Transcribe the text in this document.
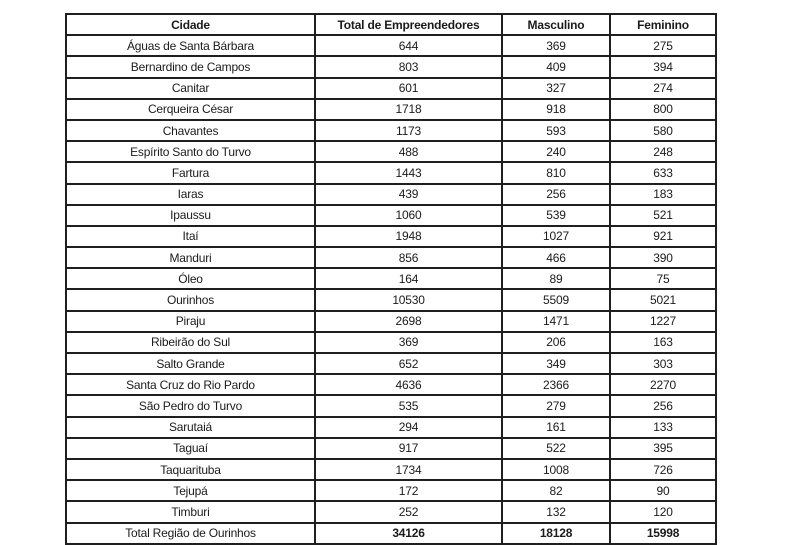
Cidade	Total de Empreendedores	Masculino	Feminino
Águas de Santa Bárbara	644	369	275
Bernardino de Campos	803	409	394
Canitar	601	327	274
Cerqueira César	1718	918	800
Chavantes	1173	593	580
Espírito Santo do Turvo	488	240	248
Fartura	1443	810	633
Iaras	439	256	183
Ipaussu	1060	539	521
Itaí	1948	1027	921
Manduri	856	466	390
Óleo	164	89	75
Ourinhos	10530	5509	5021
Piraju	2698	1471	1227
Ribeirão do Sul	369	206	163
Salto Grande	652	349	303
Santa Cruz do Rio Pardo	4636	2366	2270
São Pedro do Turvo	535	279	256
Sarutaiá	294	161	133
Taguaí	917	522	395
Taquarituba	1734	1008	726
Tejupá	172	82	90
Timburi	252	132	120
Total Região de Ourinhos	34126	18128	15998
